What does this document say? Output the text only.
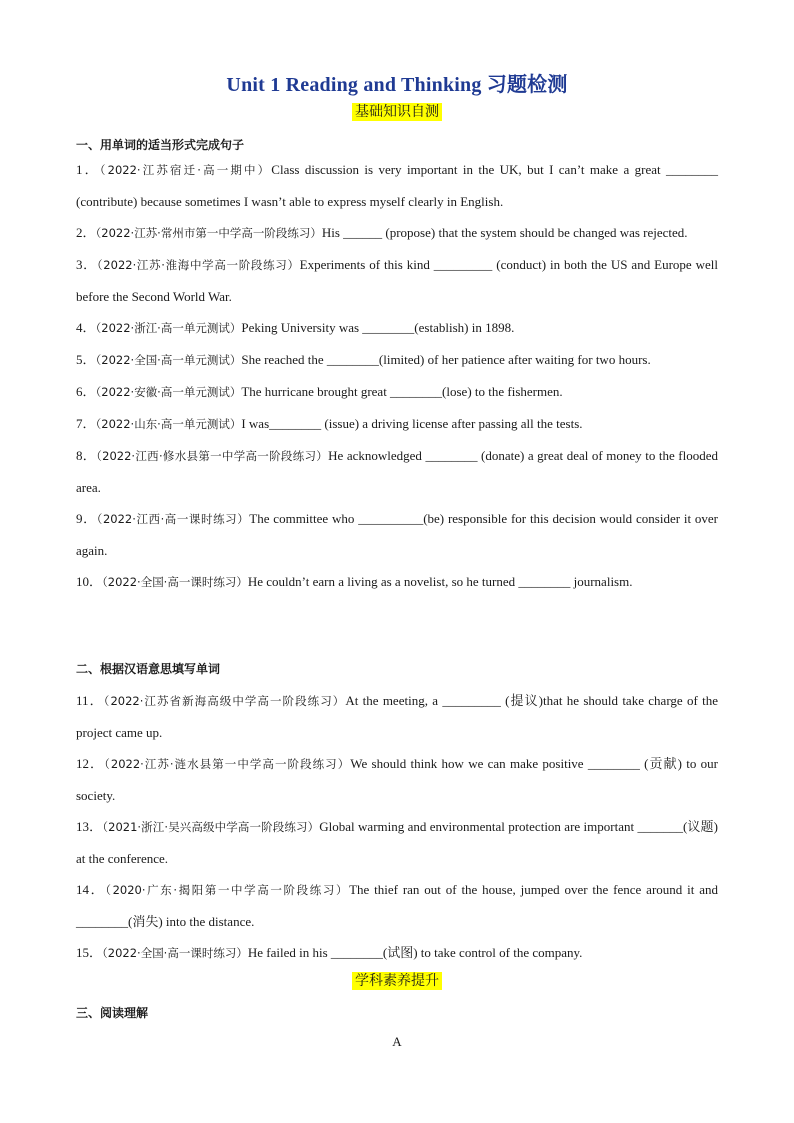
Unit 1 Reading and Thinking 习题检测
基础知识自测
一、用单词的适当形式完成句子
1．（2022·江苏宿迁·高一期中）Class discussion is very important in the UK, but I can’t make a great ________ (contribute) because sometimes I wasn’t able to express myself clearly in English.
2．（2022·江苏·常州市第一中学高一阶段练习）His ______ (propose) that the system should be changed was rejected.
3．（2022·江苏·淮海中学高一阶段练习）Experiments of this kind _________ (conduct) in both the US and Europe well before the Second World War.
4．（2022·浙江·高一单元测试）Peking University was ________(establish) in 1898.
5．（2022·全国·高一单元测试）She reached the ________(limited) of her patience after waiting for two hours.
6．（2022·安徽·高一单元测试）The hurricane brought great ________(lose) to the fishermen.
7．（2022·山东·高一单元测试）I was________ (issue) a driving license after passing all the tests.
8．（2022·江西·修水县第一中学高一阶段练习）He acknowledged ________ (donate) a great deal of money to the flooded area.
9．（2022·江西·高一课时练习）The committee who __________(be) responsible for this decision would consider it over again.
10．（2022·全国·高一课时练习）He couldn’t earn a living as a novelist, so he turned ________ journalism.
二、根据汉语意思填写单词
11．（2022·江苏省新海高级中学高一阶段练习）At the meeting, a _________ (提议)that he should take charge of the project came up.
12．（2022·江苏·涟水县第一中学高一阶段练习）We should think how we can make positive ________ (贡献) to our society.
13．（2021·浙江·吴兴高级中学高一阶段练习）Global warming and environmental protection are important _______(议题) at the conference.
14．（2020·广东·揭阳第一中学高一阶段练习）The thief ran out of the house, jumped over the fence around it and ________(消失) into the distance.
15．（2022·全国·高一课时练习）He failed in his ________(试图) to take control of the company.
学科素养提升
三、阅读理解
A
